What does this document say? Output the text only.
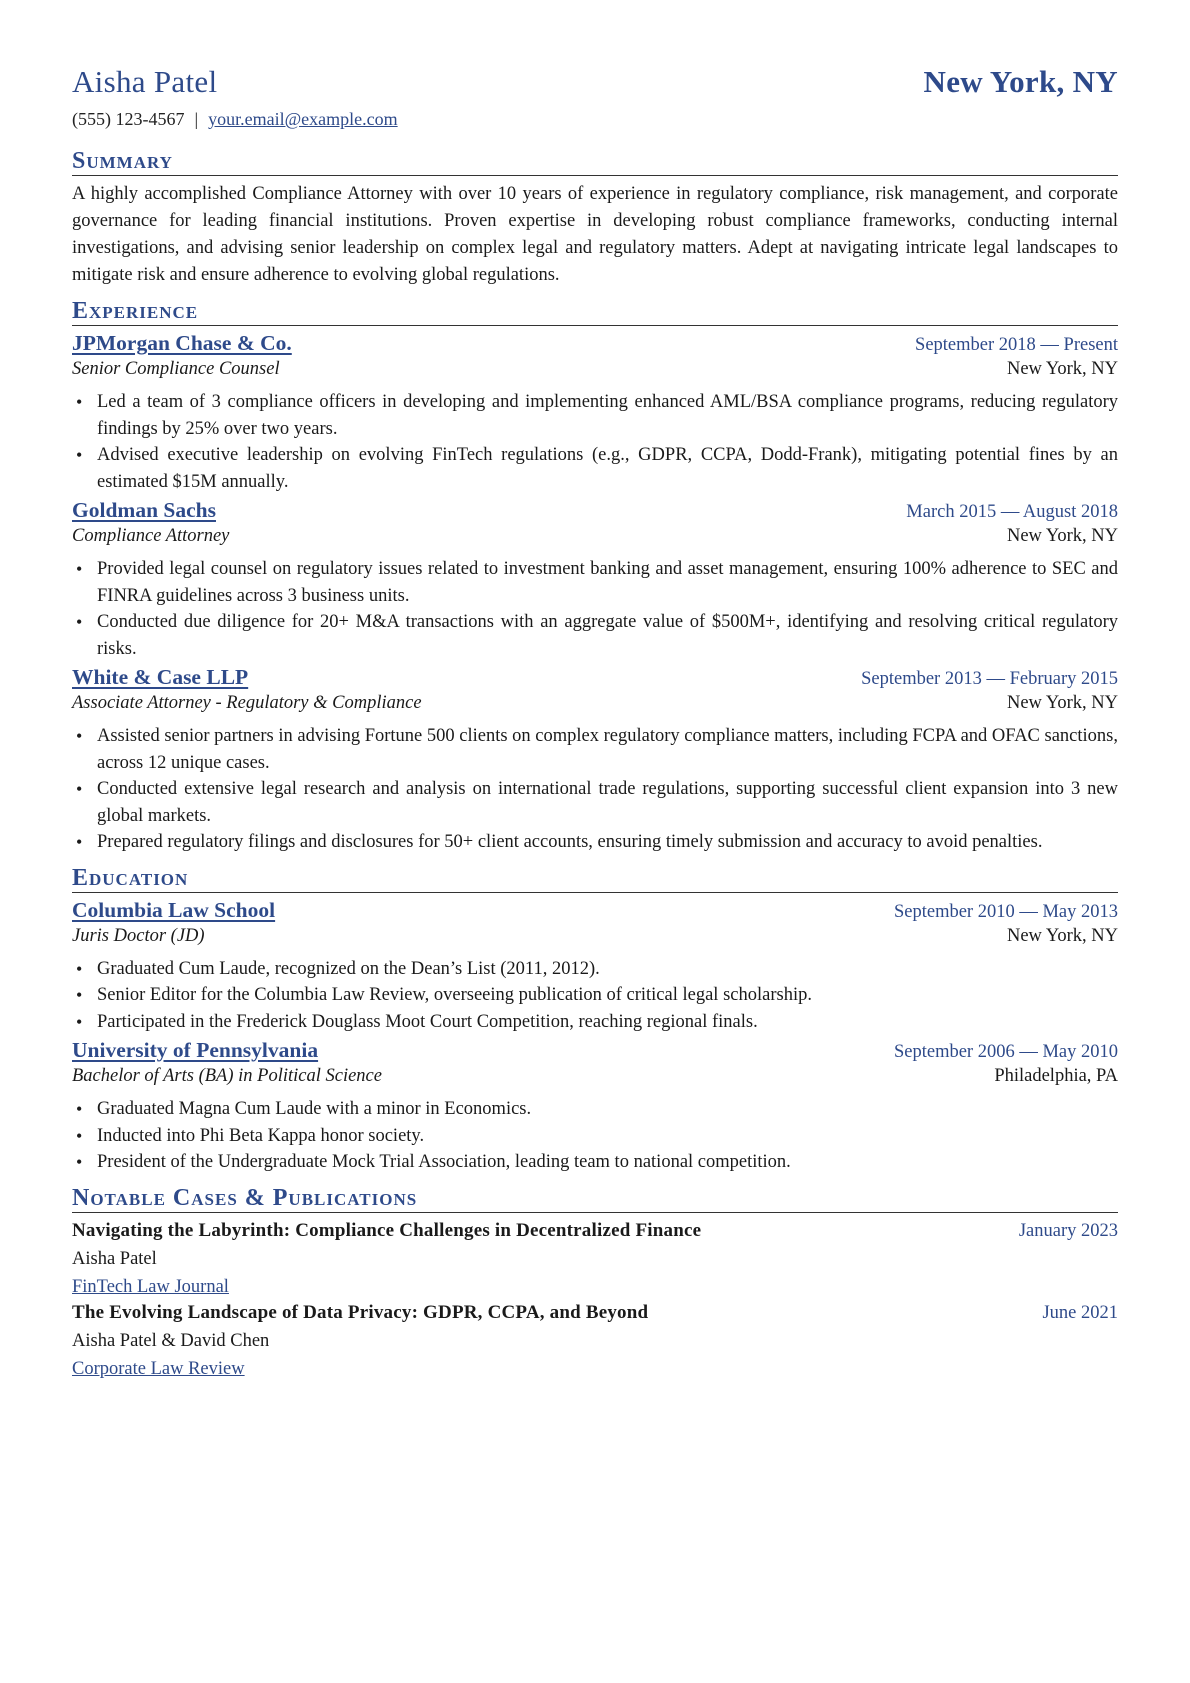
Aisha Patel	New York, NY
(555) 123-4567 | your.email@example.com
Summary
A highly accomplished Compliance Attorney with over 10 years of experience in regulatory compliance, risk management, and corporate governance for leading financial institutions. Proven expertise in developing robust compliance frameworks, conducting internal investigations, and advising senior leadership on complex legal and regulatory matters. Adept at navigating intricate legal landscapes to mitigate risk and ensure adherence to evolving global regulations.
Experience
JPMorgan Chase & Co.	September 2018 — Present
Senior Compliance Counsel	New York, NY
• Led a team of 3 compliance officers in developing and implementing enhanced AML/BSA compliance programs, reducing regulatory findings by 25% over two years.
• Advised executive leadership on evolving FinTech regulations (e.g., GDPR, CCPA, Dodd-Frank), mitigating potential fines by an estimated $15M annually.
Goldman Sachs	March 2015 — August 2018
Compliance Attorney	New York, NY
• Provided legal counsel on regulatory issues related to investment banking and asset management, ensuring 100% adherence to SEC and FINRA guidelines across 3 business units.
• Conducted due diligence for 20+ M&A transactions with an aggregate value of $500M+, identifying and resolving critical regulatory risks.
White & Case LLP	September 2013 — February 2015
Associate Attorney - Regulatory & Compliance	New York, NY
• Assisted senior partners in advising Fortune 500 clients on complex regulatory compliance matters, including FCPA and OFAC sanctions, across 12 unique cases.
• Conducted extensive legal research and analysis on international trade regulations, supporting successful client expansion into 3 new global markets.
• Prepared regulatory filings and disclosures for 50+ client accounts, ensuring timely submission and accuracy to avoid penalties.
Education
Columbia Law School	September 2010 — May 2013
Juris Doctor (JD)	New York, NY
• Graduated Cum Laude, recognized on the Dean’s List (2011, 2012).
• Senior Editor for the Columbia Law Review, overseeing publication of critical legal scholarship.
• Participated in the Frederick Douglass Moot Court Competition, reaching regional finals.
University of Pennsylvania	September 2006 — May 2010
Bachelor of Arts (BA) in Political Science	Philadelphia, PA
• Graduated Magna Cum Laude with a minor in Economics.
• Inducted into Phi Beta Kappa honor society.
• President of the Undergraduate Mock Trial Association, leading team to national competition.
Notable Cases & Publications
Navigating the Labyrinth: Compliance Challenges in Decentralized Finance	January 2023
Aisha Patel
FinTech Law Journal
The Evolving Landscape of Data Privacy: GDPR, CCPA, and Beyond	June 2021
Aisha Patel & David Chen
Corporate Law Review
